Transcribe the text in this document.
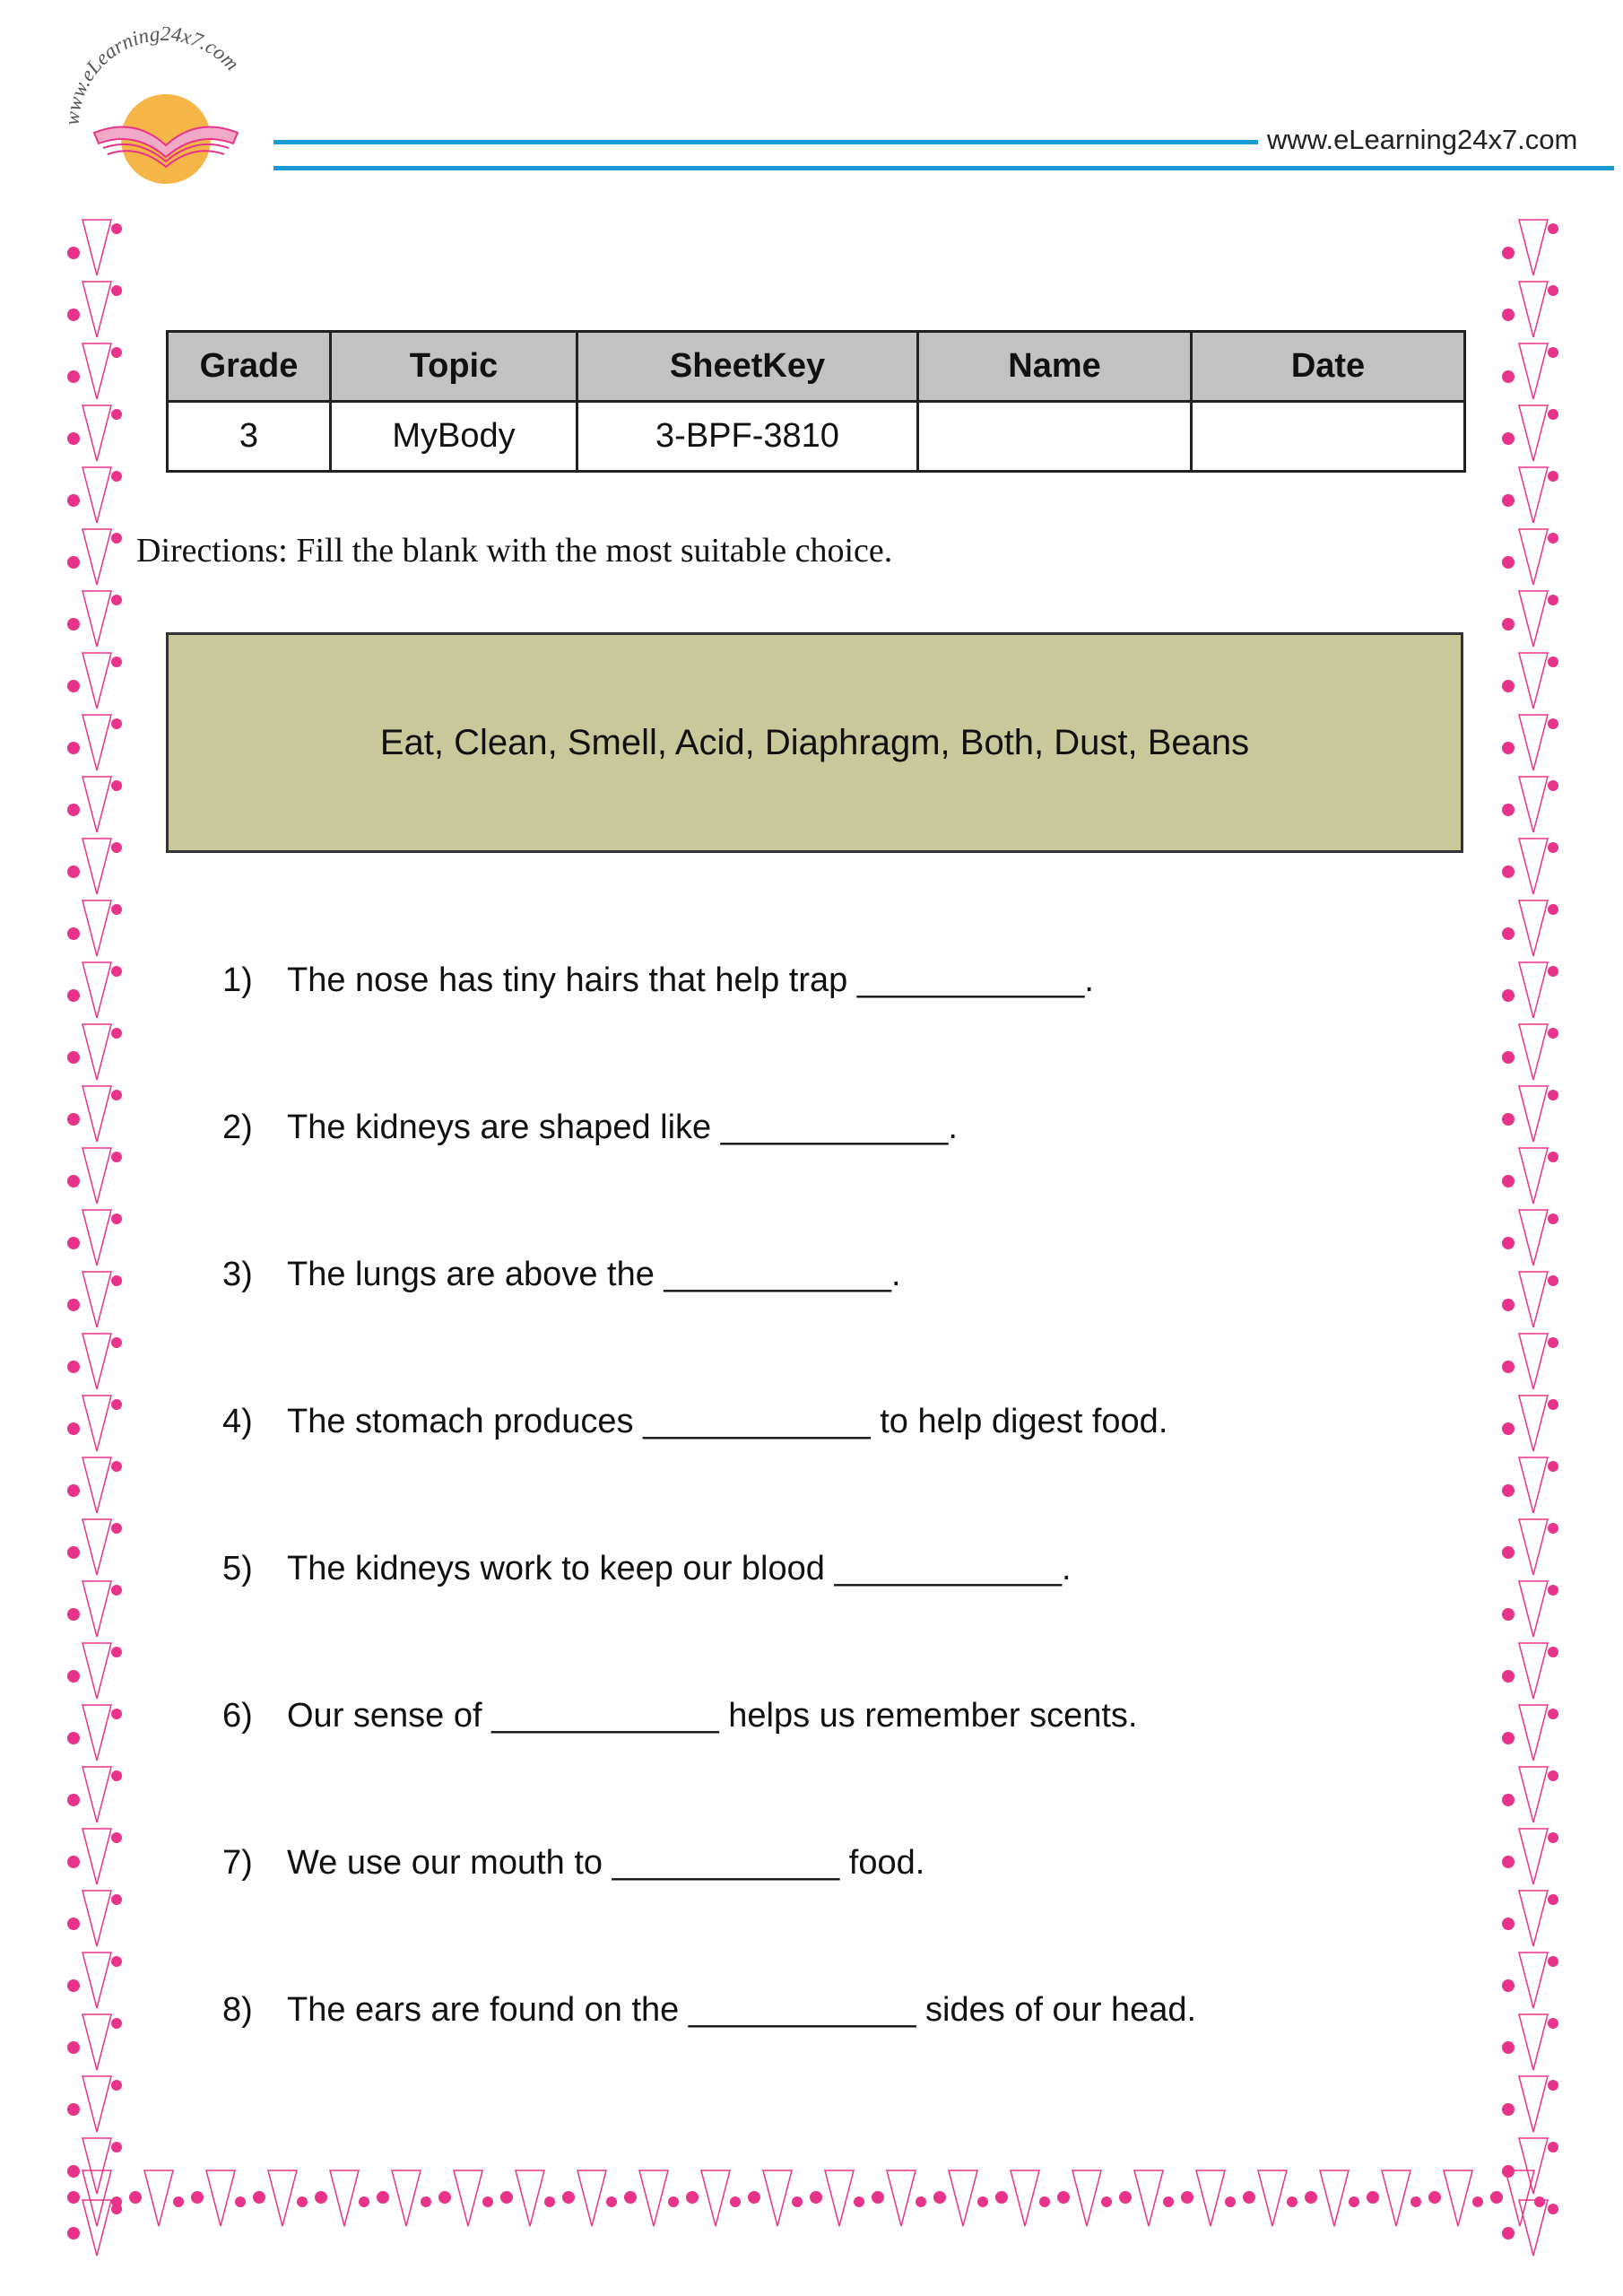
www.eLearning24x7.com
www.eLearning24x7.com
Grade	Topic	SheetKey	Name	Date
3	MyBody	3-BPF-3810		
Directions: Fill the blank with the most suitable choice.
Eat, Clean, Smell, Acid, Diaphragm, Both, Dust, Beans
1) The nose has tiny hairs that help trap ____________.
2) The kidneys are shaped like ____________.
3) The lungs are above the ____________.
4) The stomach produces ____________ to help digest food.
5) The kidneys work to keep our blood ____________.
6) Our sense of ____________ helps us remember scents.
7) We use our mouth to ____________ food.
8) The ears are found on the ____________ sides of our head.
